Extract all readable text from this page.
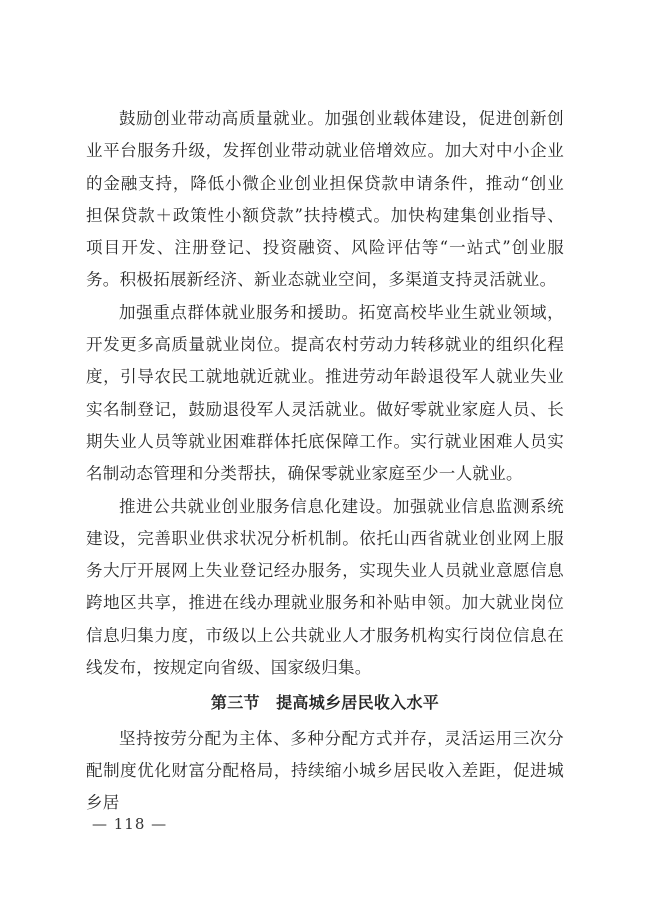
鼓励创业带动高质量就业。加强创业载体建设，促进创新创业平台服务升级，发挥创业带动就业倍增效应。加大对中小企业的金融支持，降低小微企业创业担保贷款申请条件，推动“创业担保贷款＋政策性小额贷款”扶持模式。加快构建集创业指导、项目开发、注册登记、投资融资、风险评估等“一站式”创业服务。积极拓展新经济、新业态就业空间，多渠道支持灵活就业。

加强重点群体就业服务和援助。拓宽高校毕业生就业领域，开发更多高质量就业岗位。提高农村劳动力转移就业的组织化程度，引导农民工就地就近就业。推进劳动年龄退役军人就业失业实名制登记，鼓励退役军人灵活就业。做好零就业家庭人员、长期失业人员等就业困难群体托底保障工作。实行就业困难人员实名制动态管理和分类帮扶，确保零就业家庭至少一人就业。

推进公共就业创业服务信息化建设。加强就业信息监测系统建设，完善职业供求状况分析机制。依托山西省就业创业网上服务大厅开展网上失业登记经办服务，实现失业人员就业意愿信息跨地区共享，推进在线办理就业服务和补贴申领。加大就业岗位信息归集力度，市级以上公共就业人才服务机构实行岗位信息在线发布，按规定向省级、国家级归集。

第三节　提高城乡居民收入水平

坚持按劳分配为主体、多种分配方式并存，灵活运用三次分配制度优化财富分配格局，持续缩小城乡居民收入差距，促进城乡居

— 118 —
